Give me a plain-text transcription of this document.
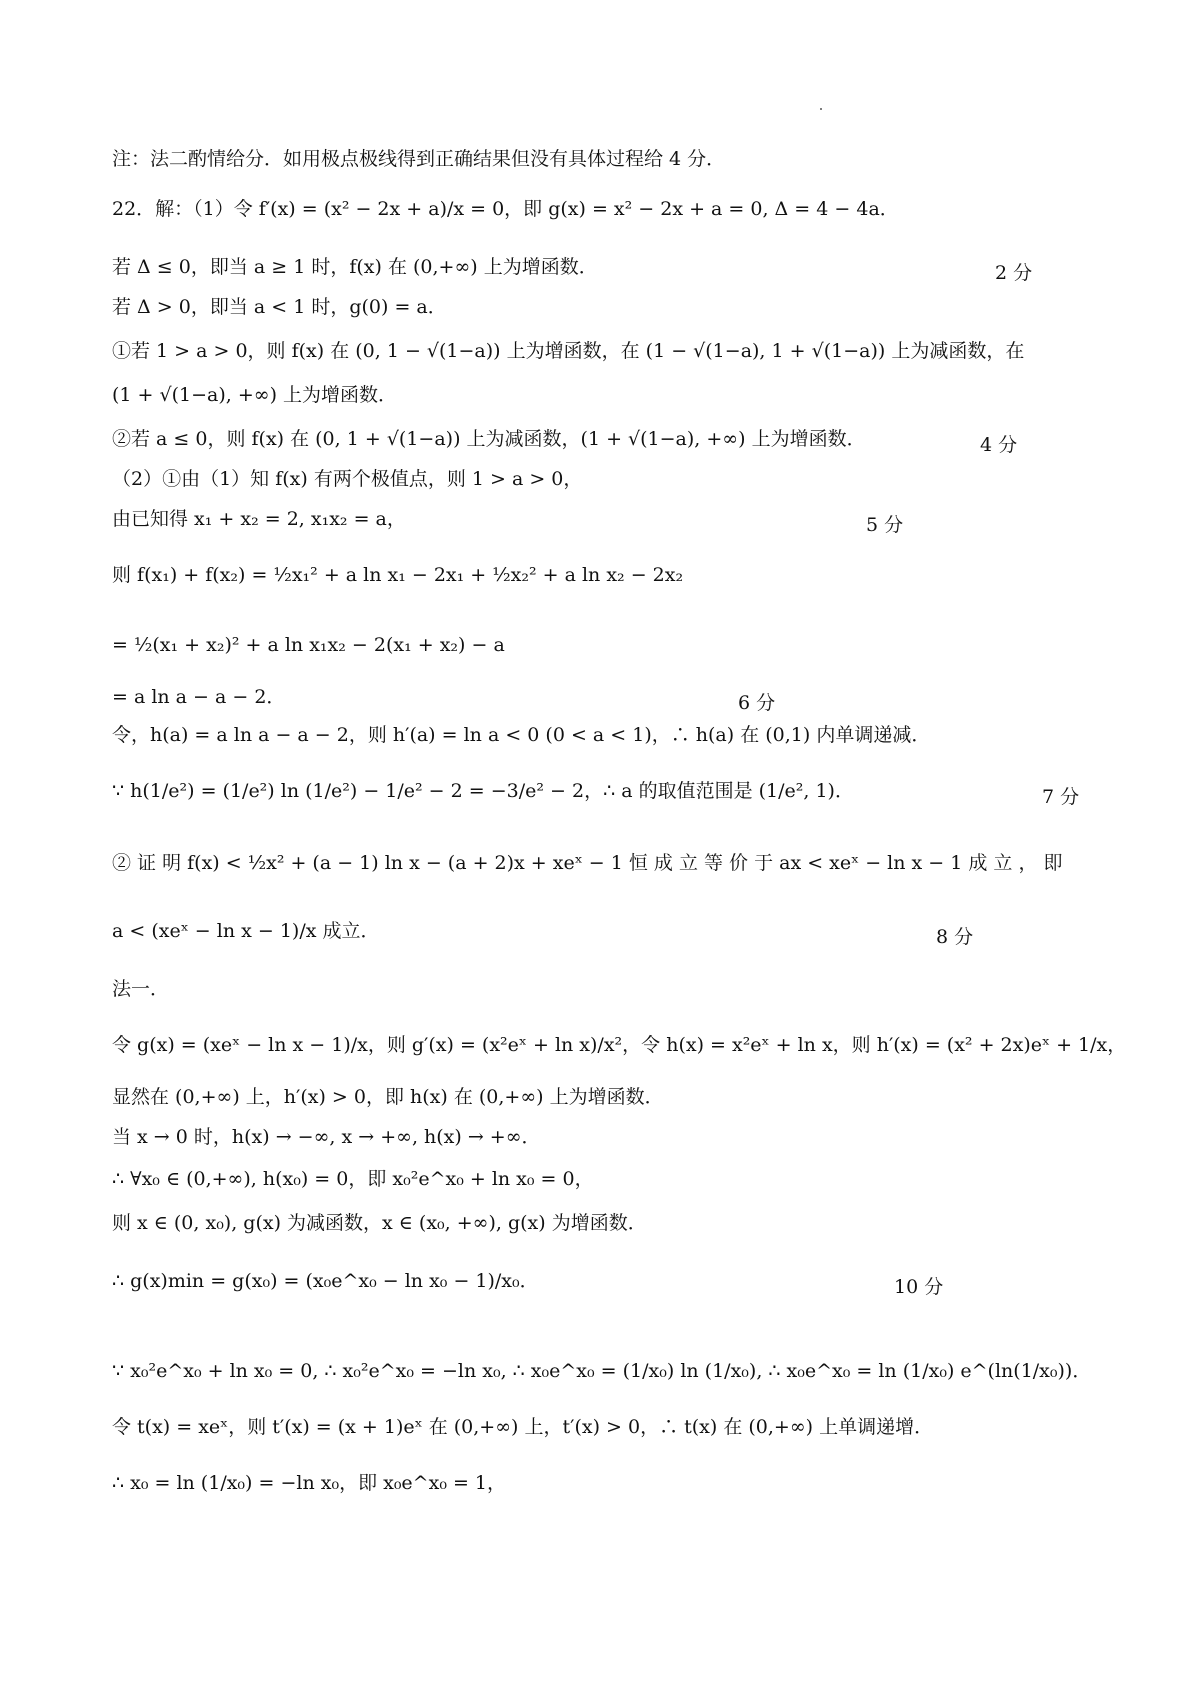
注：法二酌情给分．如用极点极线得到正确结果但没有具体过程给 4 分．
22．解：（1）令 f′(x) = (x² − 2x + a)/x = 0，即 g(x) = x² − 2x + a = 0, Δ = 4 − 4a．
若 Δ ≤ 0，即当 a ≥ 1 时，f(x) 在 (0,+∞) 上为增函数．
若 Δ > 0，即当 a < 1 时，g(0) = a．
①若 1 > a > 0，则 f(x) 在 (0, 1 − √(1−a)) 上为增函数，在 (1 − √(1−a), 1 + √(1−a)) 上为减函数，在
(1 + √(1−a), +∞) 上为增函数．
②若 a ≤ 0，则 f(x) 在 (0, 1 + √(1−a)) 上为减函数，(1 + √(1−a), +∞) 上为增函数．
（2）①由（1）知 f(x) 有两个极值点，则 1 > a > 0，
由已知得 x₁ + x₂ = 2, x₁x₂ = a，
则 f(x₁) + f(x₂) = ½x₁² + a ln x₁ − 2x₁ + ½x₂² + a ln x₂ − 2x₂
= ½(x₁ + x₂)² + a ln x₁x₂ − 2(x₁ + x₂) − a
= a ln a − a − 2．
令，h(a) = a ln a − a − 2，则 h′(a) = ln a < 0 (0 < a < 1)，∴ h(a) 在 (0,1) 内单调递减．
∵ h(1/e²) = (1/e²) ln (1/e²) − 1/e² − 2 = −3/e² − 2，∴ a 的取值范围是 (1/e², 1)．
② 证 明 f(x) < ½x² + (a − 1) ln x − (a + 2)x + xeˣ − 1 恒 成 立 等 价 于 ax < xeˣ − ln x − 1 成 立 ， 即
a < (xeˣ − ln x − 1)/x 成立．
法一．
令 g(x) = (xeˣ − ln x − 1)/x，则 g′(x) = (x²eˣ + ln x)/x²，令 h(x) = x²eˣ + ln x，则 h′(x) = (x² + 2x)eˣ + 1/x，
显然在 (0,+∞) 上，h′(x) > 0，即 h(x) 在 (0,+∞) 上为增函数．
当 x → 0 时，h(x) → −∞, x → +∞, h(x) → +∞．
∴ ∀x₀ ∈ (0,+∞), h(x₀) = 0，即 x₀²e^x₀ + ln x₀ = 0，
则 x ∈ (0, x₀), g(x) 为减函数，x ∈ (x₀, +∞), g(x) 为增函数．
∴ g(x)min = g(x₀) = (x₀e^x₀ − ln x₀ − 1)/x₀．
∵ x₀²e^x₀ + ln x₀ = 0, ∴ x₀²e^x₀ = −ln x₀, ∴ x₀e^x₀ = (1/x₀) ln (1/x₀), ∴ x₀e^x₀ = ln (1/x₀) e^(ln(1/x₀))．
令 t(x) = xeˣ，则 t′(x) = (x + 1)eˣ 在 (0,+∞) 上，t′(x) > 0，∴ t(x) 在 (0,+∞) 上单调递增．
∴ x₀ = ln (1/x₀) = −ln x₀，即 x₀e^x₀ = 1，
2 分
4 分
5 分
6 分
7 分
8 分
10 分
